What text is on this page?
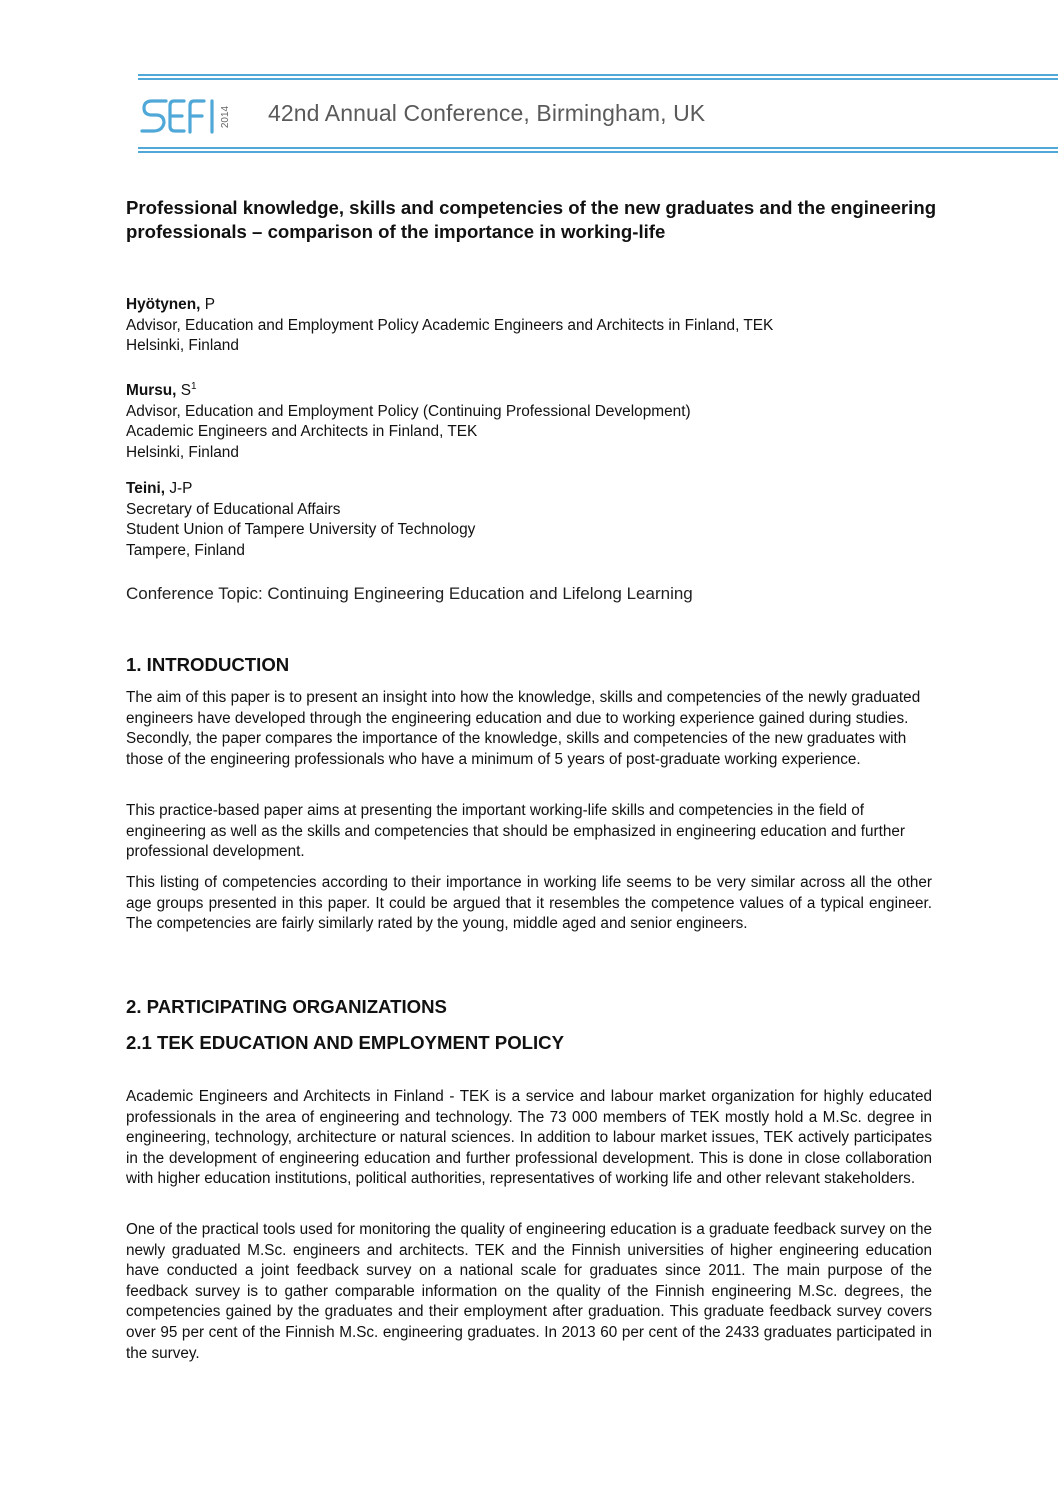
2014 42nd Annual Conference, Birmingham, UK
Professional knowledge, skills and competencies of the new graduates and the engineering professionals – comparison of the importance in working-life
Hyötynen, P
Advisor, Education and Employment Policy Academic Engineers and Architects in Finland, TEK
Helsinki, Finland
Mursu, $S^1$
Advisor, Education and Employment Policy (Continuing Professional Development)
Academic Engineers and Architects in Finland, TEK
Helsinki, Finland
Teini, J-P
Secretary of Educational Affairs
Student Union of Tampere University of Technology
Tampere, Finland
Conference Topic: Continuing Engineering Education and Lifelong Learning
1. INTRODUCTION
The aim of this paper is to present an insight into how the knowledge, skills and competencies of the newly graduated engineers have developed through the engineering education and due to working experience gained during studies. Secondly, the paper compares the importance of the knowledge, skills and competencies of the new graduates with those of the engineering professionals who have a minimum of 5 years of post-graduate working experience.
This practice-based paper aims at presenting the important working-life skills and competencies in the field of engineering as well as the skills and competencies that should be emphasized in engineering education and further professional development.
This listing of competencies according to their importance in working life seems to be very similar across all the other age groups presented in this paper. It could be argued that it resembles the competence values of a typical engineer. The competencies are fairly similarly rated by the young, middle aged and senior engineers.
2. PARTICIPATING ORGANIZATIONS
2.1 TEK EDUCATION AND EMPLOYMENT POLICY
Academic Engineers and Architects in Finland - TEK is a service and labour market organization for highly educated professionals in the area of engineering and technology. The 73 000 members of TEK mostly hold a M.Sc. degree in engineering, technology, architecture or natural sciences. In addition to labour market issues, TEK actively participates in the development of engineering education and further professional development. This is done in close collaboration with higher education institutions, political authorities, representatives of working life and other relevant stakeholders.
One of the practical tools used for monitoring the quality of engineering education is a graduate feedback survey on the newly graduated M.Sc. engineers and architects. TEK and the Finnish universities of higher engineering education have conducted a joint feedback survey on a national scale for graduates since 2011. The main purpose of the feedback survey is to gather comparable information on the quality of the Finnish engineering M.Sc. degrees, the competencies gained by the graduates and their employment after graduation. This graduate feedback survey covers over 95 per cent of the Finnish M.Sc. engineering graduates. In 2013 60 per cent of the 2433 graduates participated in the survey.
